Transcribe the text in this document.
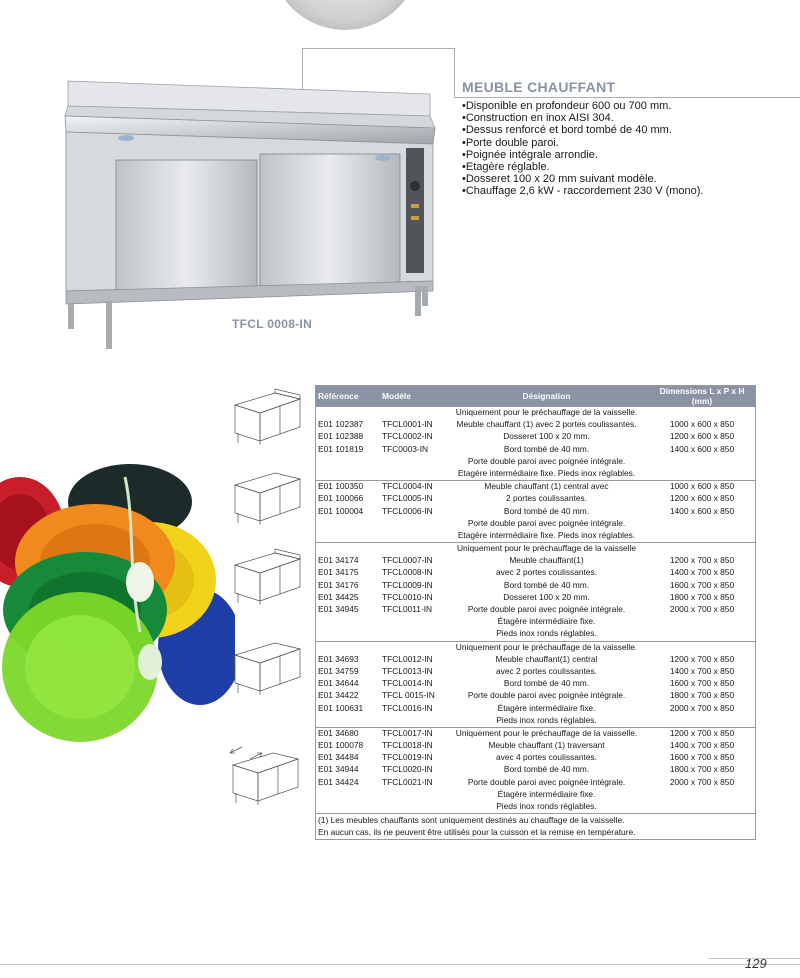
TFCL 0008-IN
MEUBLE CHAUFFANT
• Disponible en profondeur 600 ou 700 mm.
• Construction en inox AISI 304.
• Dessus renforcé et bord tombé de 40 mm.
• Porte double paroi.
• Poignée intégrale arrondie.
• Etagère réglable.
• Dosseret 100 x 20 mm suivant modèle.
• Chauffage 2,6 kW - raccordement 230 V (mono).
Référence	Modèle	Désignation	Dimensions L x P x H (mm)
		Uniquement pour le préchauffage de la vaisselle.	
E01 102387	TFCL0001-IN	Meuble chauffant (1) avec 2 portes coulissantes.	1000 x 600 x 850
E01 102388	TFCL0002-IN	Dosseret 100 x 20 mm.	1200 x 600 x 850
E01 101819	TFC0003-IN	Bord tombé de 40 mm.	1400 x 600 x 850
		Porte double paroi avec poignée intégrale.	
		Etagère intermédiaire fixe. Pieds inox réglables.	
E01 100350	TFCL0004-IN	Meuble chauffant (1) central avec	1000 x 600 x 850
E01 100066	TFCL0005-IN	2 portes coulissantes.	1200 x 600 x 850
E01 100004	TFCL0006-IN	Bord tombé de 40 mm.	1400 x 600 x 850
		Porte double paroi avec poignée intégrale.	
		Etagère intermédiaire fixe. Pieds inox réglables.	
		Uniquement pour le préchauffage de la vaisselle	
E01 34174	TFCL0007-IN	Meuble chauffant(1)	1200 x 700 x 850
E01 34175	TFCL0008-IN	avec 2 portes coulissantes.	1400 x 700 x 850
E01 34176	TFCL0009-IN	Bord tombé de 40 mm.	1600 x 700 x 850
E01 34425	TFCL0010-IN	Dosseret 100 x 20 mm.	1800 x 700 x 850
E01 34945	TFCL0011-IN	Porte double paroi avec poignée intégrale.	2000 x 700 x 850
		Étagère intermédiaire fixe.	
		Pieds inox ronds réglables.	
		Uniquement pour le préchauffage de la vaisselle.	
E01 34693	TFCL0012-IN	Meuble chauffant(1) central	1200 x 700 x 850
E01 34759	TFCL0013-IN	avec 2 portes coulissantes.	1400 x 700 x 850
E01 34644	TFCL0014-IN	Bord tombé de 40 mm.	1600 x 700 x 850
E01 34422	TFCL 0015-IN	Porte double paroi avec poignée intégrale.	1800 x 700 x 850
E01 100631	TFCL0016-IN	Étagère intermédiaire fixe.	2000 x 700 x 850
		Pieds inox ronds réglables.	
E01 34680	TFCL0017-IN	Uniquement pour le préchauffage de la vaisselle.	1200 x 700 x 850
E01 100078	TFCL0018-IN	Meuble chauffant (1) traversant	1400 x 700 x 850
E01 34484	TFCL0019-IN	avec 4 portes coulissantes.	1600 x 700 x 850
E01 34944	TFCL0020-IN	Bord tombé de 40 mm.	1800 x 700 x 850
E01 34424	TFCL0021-IN	Porte double paroi avec poignée intégrale.	2000 x 700 x 850
		Étagère intermédiaire fixe.	
		Pieds inox ronds réglables.	

(1) Les meubles chauffants sont uniquement destinés au chauffage de la vaisselle.
En aucun cas, ils ne peuvent être utilisés pour la cuisson et la remise en température.			
129
